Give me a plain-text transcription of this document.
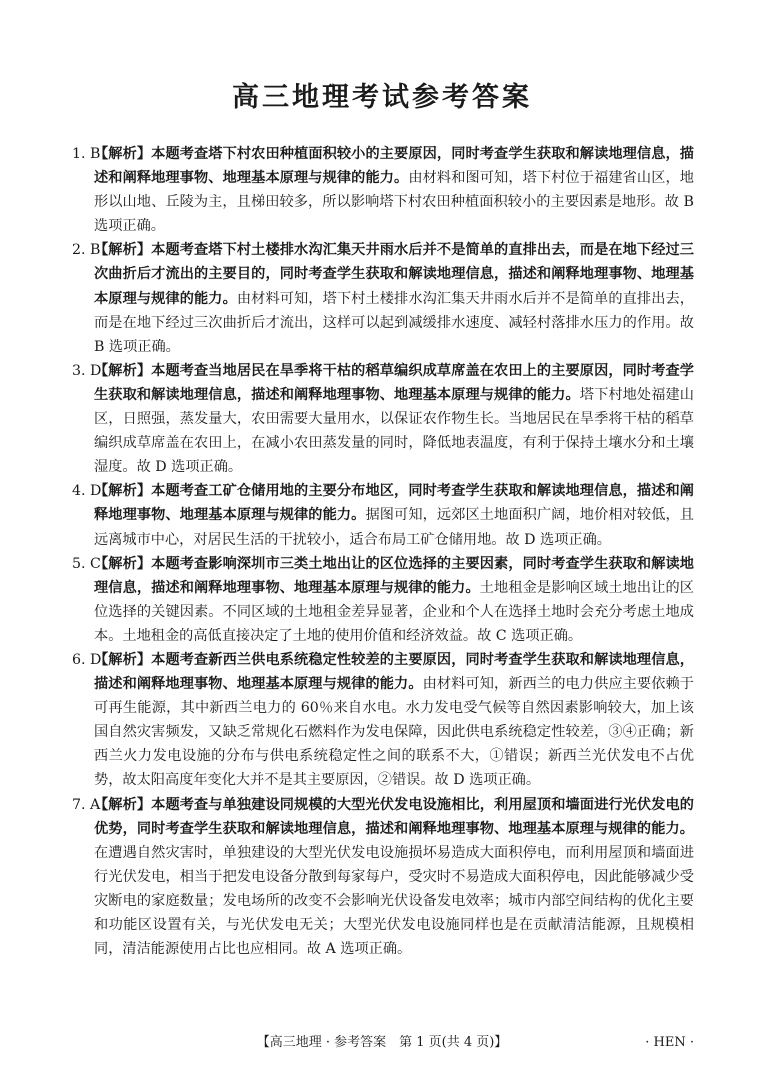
高三地理考试参考答案
1. B
【解析】本题考查塔下村农田种植面积较小的主要原因，同时考查学生获取和解读地理信息，描述和阐释地理事物、地理基本原理与规律的能力。由材料和图可知，塔下村位于福建省山区，地形以山地、丘陵为主，且梯田较多，所以影响塔下村农田种植面积较小的主要因素是地形。故 B 选项正确。
2. B
【解析】本题考查塔下村土楼排水沟汇集天井雨水后并不是简单的直排出去，而是在地下经过三次曲折后才流出的主要目的，同时考查学生获取和解读地理信息，描述和阐释地理事物、地理基本原理与规律的能力。由材料可知，塔下村土楼排水沟汇集天井雨水后并不是简单的直排出去，而是在地下经过三次曲折后才流出，这样可以起到减缓排水速度、减轻村落排水压力的作用。故 B 选项正确。
3. D
【解析】本题考查当地居民在旱季将干枯的稻草编织成草席盖在农田上的主要原因，同时考查学生获取和解读地理信息，描述和阐释地理事物、地理基本原理与规律的能力。塔下村地处福建山区，日照强，蒸发量大，农田需要大量用水，以保证农作物生长。当地居民在旱季将干枯的稻草编织成草席盖在农田上，在减小农田蒸发量的同时，降低地表温度，有利于保持土壤水分和土壤湿度。故 D 选项正确。
4. D
【解析】本题考查工矿仓储用地的主要分布地区，同时考查学生获取和解读地理信息，描述和阐释地理事物、地理基本原理与规律的能力。据图可知，远郊区土地面积广阔，地价相对较低，且远离城市中心，对居民生活的干扰较小，适合布局工矿仓储用地。故 D 选项正确。
5. C
【解析】本题考查影响深圳市三类土地出让的区位选择的主要因素，同时考查学生获取和解读地理信息，描述和阐释地理事物、地理基本原理与规律的能力。土地租金是影响区域土地出让的区位选择的关键因素。不同区域的土地租金差异显著，企业和个人在选择土地时会充分考虑土地成本。土地租金的高低直接决定了土地的使用价值和经济效益。故 C 选项正确。
6. D
【解析】本题考查新西兰供电系统稳定性较差的主要原因，同时考查学生获取和解读地理信息，描述和阐释地理事物、地理基本原理与规律的能力。由材料可知，新西兰的电力供应主要依赖于可再生能源，其中新西兰电力的 60％来自水电。水力发电受气候等自然因素影响较大，加上该国自然灾害频发，又缺乏常规化石燃料作为发电保障，因此供电系统稳定性较差，③④正确；新西兰火力发电设施的分布与供电系统稳定性之间的联系不大，①错误；新西兰光伏发电不占优势，故太阳高度年变化大并不是其主要原因，②错误。故 D 选项正确。
7. A
【解析】本题考查与单独建设同规模的大型光伏发电设施相比，利用屋顶和墙面进行光伏发电的优势，同时考查学生获取和解读地理信息，描述和阐释地理事物、地理基本原理与规律的能力。在遭遇自然灾害时，单独建设的大型光伏发电设施损坏易造成大面积停电，而利用屋顶和墙面进行光伏发电，相当于把发电设备分散到每家每户，受灾时不易造成大面积停电，因此能够减少受灾断电的家庭数量；发电场所的改变不会影响光伏设备发电效率；城市内部空间结构的优化主要和功能区设置有关，与光伏发电无关；大型光伏发电设施同样也是在贡献清洁能源，且规模相同，清洁能源使用占比也应相同。故 A 选项正确。
【高三地理 · 参考答案　第 1 页(共 4 页)】	· HEN ·
